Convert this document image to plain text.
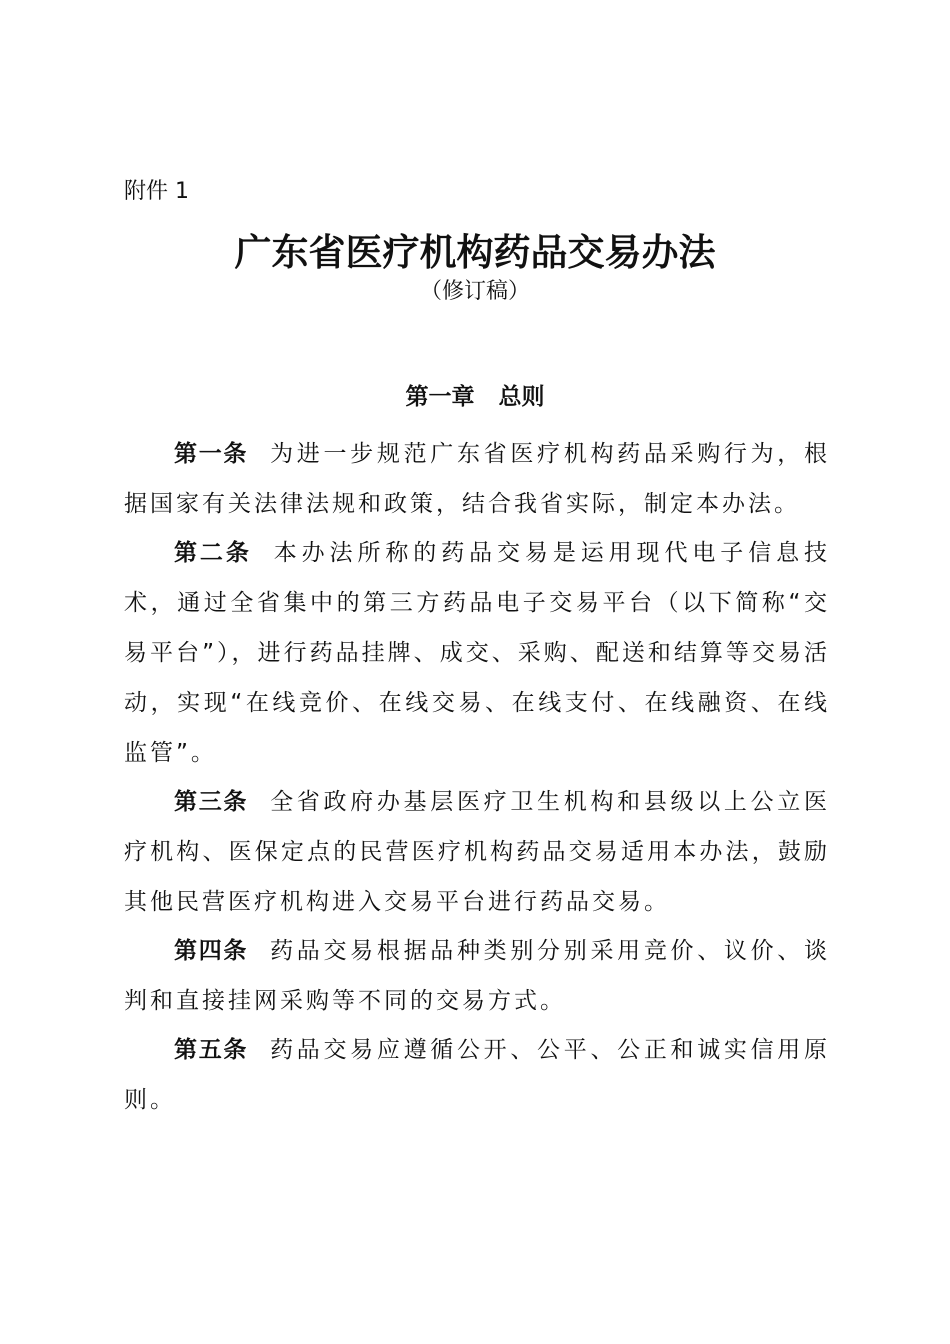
附件 1
广东省医疗机构药品交易办法
（修订稿）
第一章 总则

第一条 为进一步规范广东省医疗机构药品采购行为，根据国家有关法律法规和政策，结合我省实际，制定本办法。

第二条 本办法所称的药品交易是运用现代电子信息技术，通过全省集中的第三方药品电子交易平台（以下简称“交易平台”），进行药品挂牌、成交、采购、配送和结算等交易活动，实现“在线竞价、在线交易、在线支付、在线融资、在线监管”。

第三条 全省政府办基层医疗卫生机构和县级以上公立医疗机构、医保定点的民营医疗机构药品交易适用本办法，鼓励其他民营医疗机构进入交易平台进行药品交易。

第四条 药品交易根据品种类别分别采用竞价、议价、谈判和直接挂网采购等不同的交易方式。

第五条 药品交易应遵循公开、公平、公正和诚实信用原则。
